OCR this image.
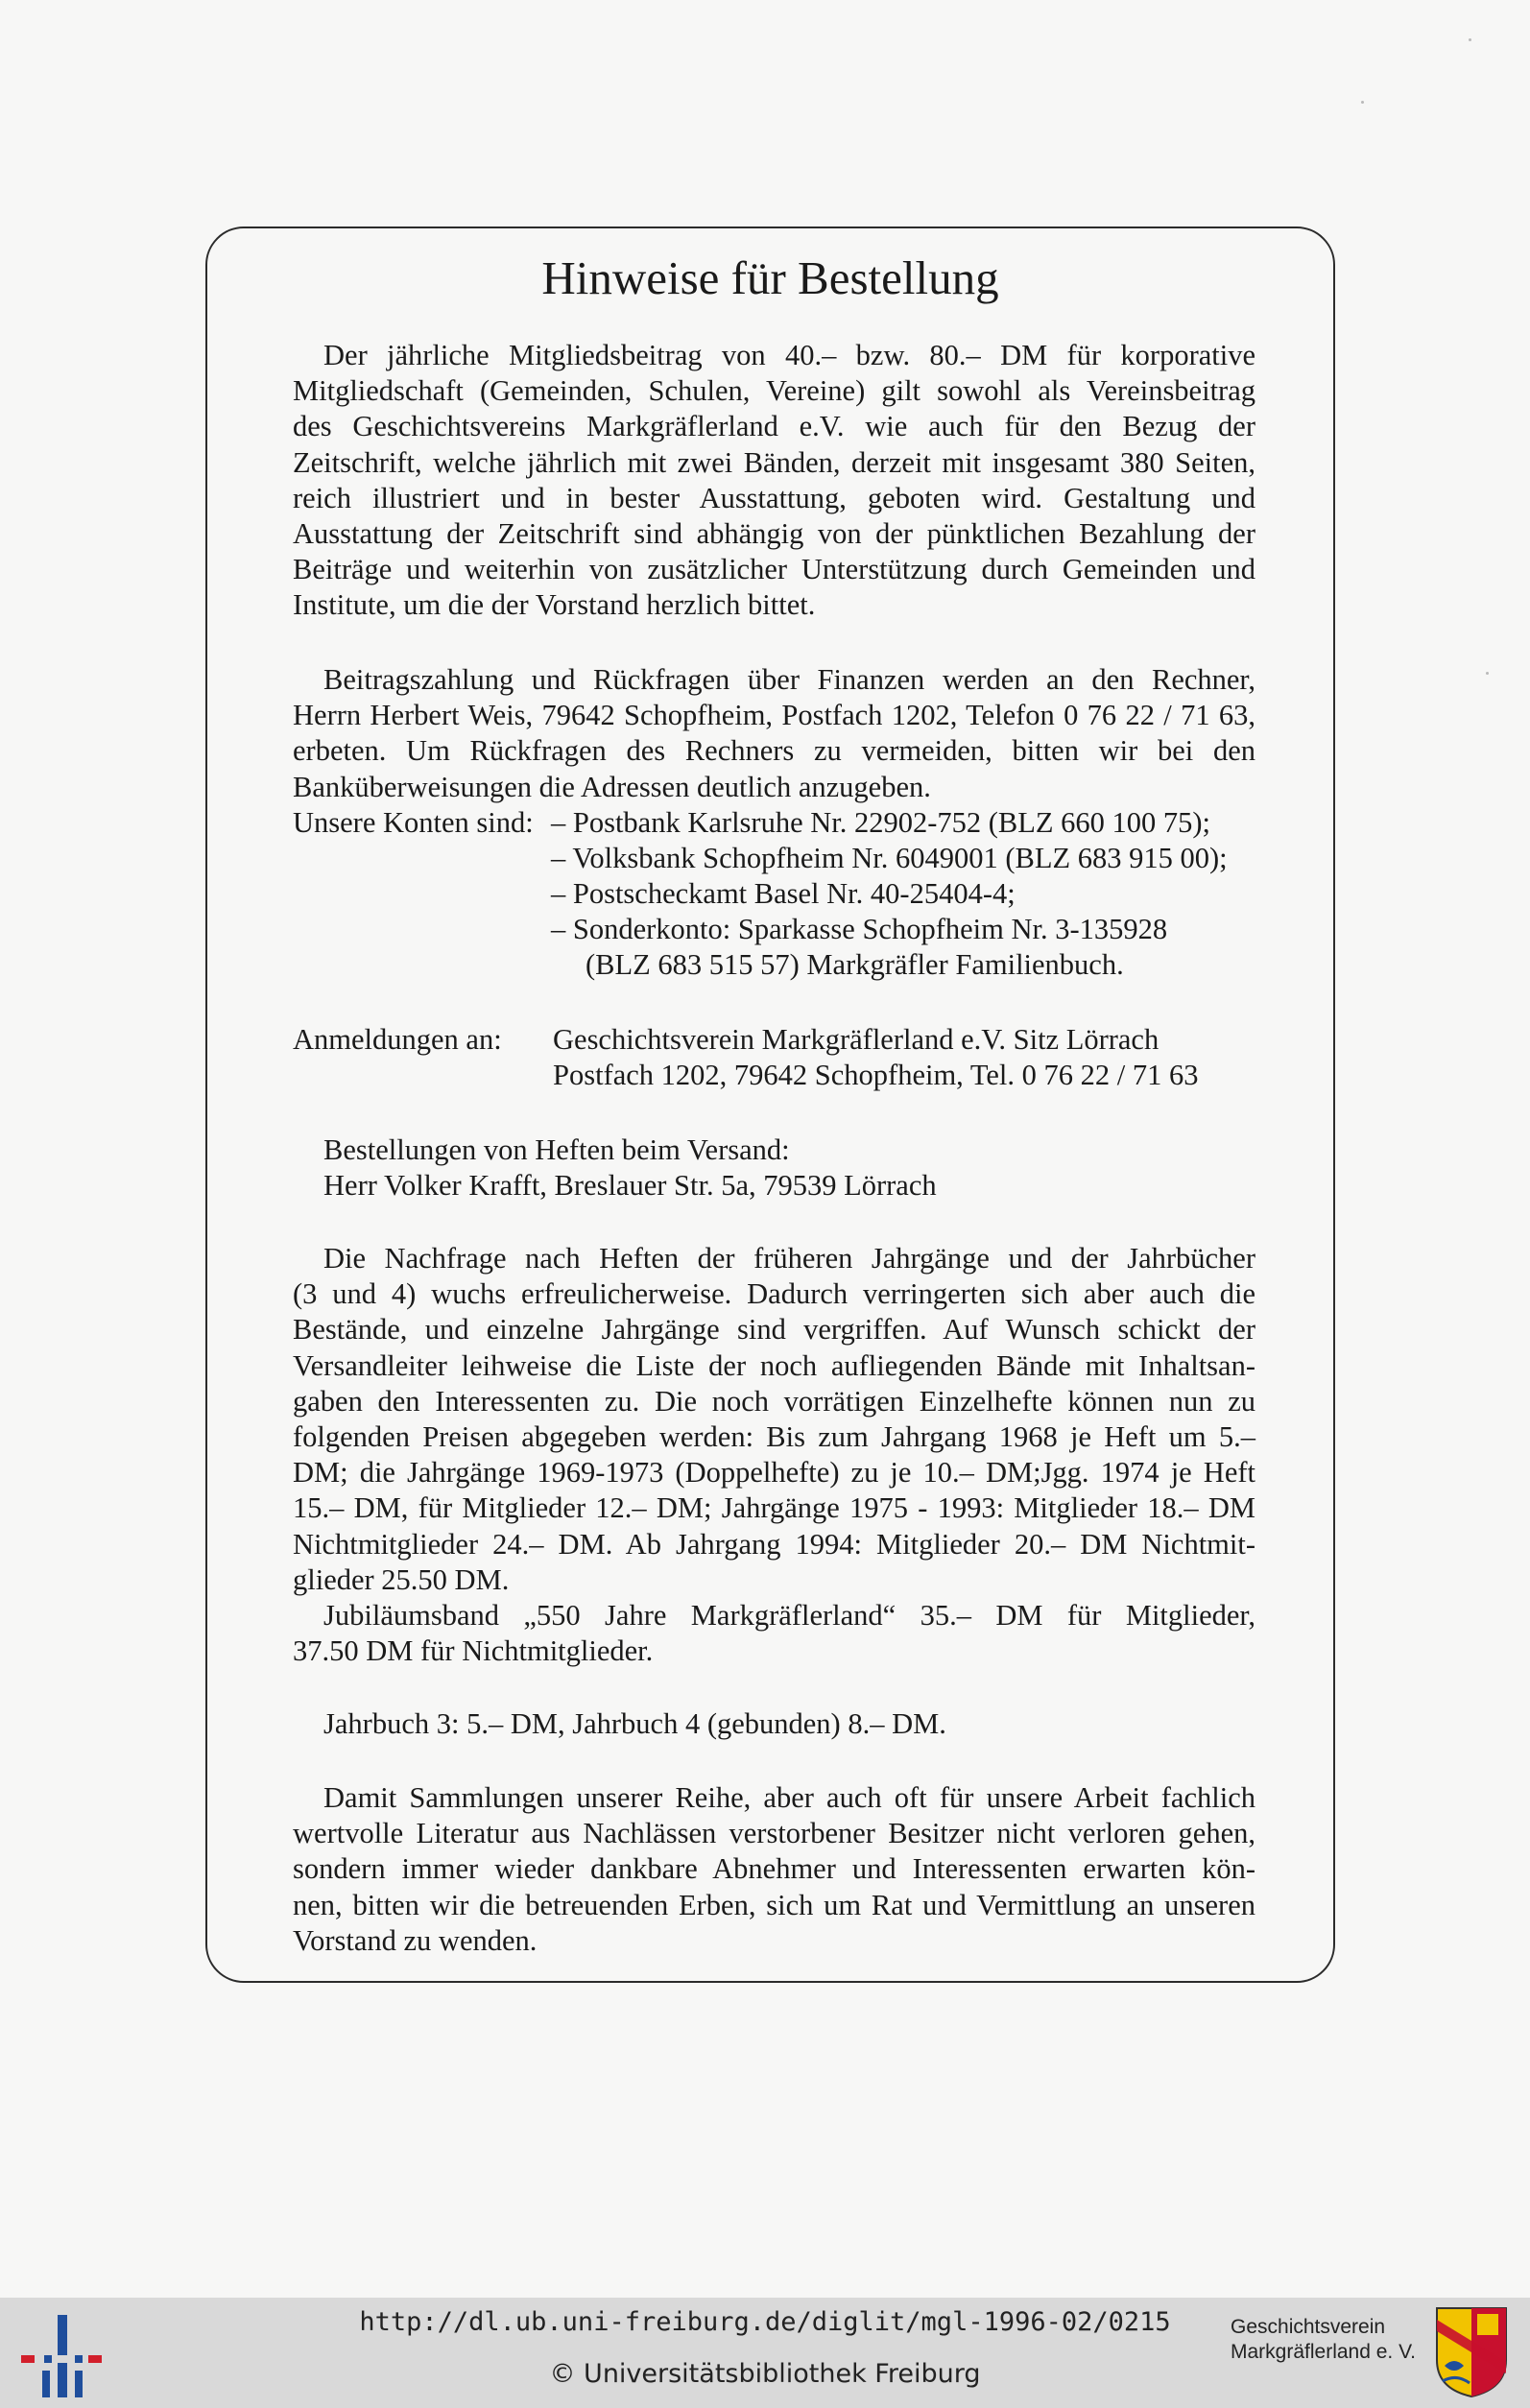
Hinweise für Bestellung
Der jährliche Mitgliedsbeitrag von 40.– bzw. 80.– DM für korporative
Mitgliedschaft (Gemeinden, Schulen, Vereine) gilt sowohl als Vereinsbeitrag
des Geschichtsvereins Markgräflerland e.V. wie auch für den Bezug der
Zeitschrift, welche jährlich mit zwei Bänden, derzeit mit insgesamt 380 Seiten,
reich illustriert und in bester Ausstattung, geboten wird. Gestaltung und
Ausstattung der Zeitschrift sind abhängig von der pünktlichen Bezahlung der
Beiträge und weiterhin von zusätzlicher Unterstützung durch Gemeinden und
Institute, um die der Vorstand herzlich bittet.
Beitragszahlung und Rückfragen über Finanzen werden an den Rechner,
Herrn Herbert Weis, 79642 Schopfheim, Postfach 1202, Telefon 0 76 22 / 71 63,
erbeten. Um Rückfragen des Rechners zu vermeiden, bitten wir bei den
Banküberweisungen die Adressen deutlich anzugeben.
Unsere Konten sind: – Postbank Karlsruhe Nr. 22902-752 (BLZ 660 100 75);
– Volksbank Schopfheim Nr. 6049001 (BLZ 683 915 00);
– Postscheckamt Basel Nr. 40-25404-4;
– Sonderkonto: Sparkasse Schopfheim Nr. 3-135928
(BLZ 683 515 57) Markgräfler Familienbuch.
Anmeldungen an: Geschichtsverein Markgräflerland e.V. Sitz Lörrach
Postfach 1202, 79642 Schopfheim, Tel. 0 76 22 / 71 63
Bestellungen von Heften beim Versand:
Herr Volker Krafft, Breslauer Str. 5a, 79539 Lörrach
Die Nachfrage nach Heften der früheren Jahrgänge und der Jahrbücher
(3 und 4) wuchs erfreulicherweise. Dadurch verringerten sich aber auch die
Bestände, und einzelne Jahrgänge sind vergriffen. Auf Wunsch schickt der
Versandleiter leihweise die Liste der noch aufliegenden Bände mit Inhaltsan-
gaben den Interessenten zu. Die noch vorrätigen Einzelhefte können nun zu
folgenden Preisen abgegeben werden: Bis zum Jahrgang 1968 je Heft um 5.–
DM; die Jahrgänge 1969-1973 (Doppelhefte) zu je 10.– DM;Jgg. 1974 je Heft
15.– DM, für Mitglieder 12.– DM; Jahrgänge 1975 - 1993: Mitglieder 18.– DM
Nichtmitglieder 24.– DM. Ab Jahrgang 1994: Mitglieder 20.– DM Nichtmit-
glieder 25.50 DM.
Jubiläumsband „550 Jahre Markgräflerland“ 35.– DM für Mitglieder,
37.50 DM für Nichtmitglieder.
Jahrbuch 3: 5.– DM, Jahrbuch 4 (gebunden) 8.– DM.
Damit Sammlungen unserer Reihe, aber auch oft für unsere Arbeit fachlich
wertvolle Literatur aus Nachlässen verstorbener Besitzer nicht verloren gehen,
sondern immer wieder dankbare Abnehmer und Interessenten erwarten kön-
nen, bitten wir die betreuenden Erben, sich um Rat und Vermittlung an unseren
Vorstand zu wenden.
http://dl.ub.uni-freiburg.de/diglit/mgl-1996-02/0215
© Universitätsbibliothek Freiburg
Geschichtsverein
Markgräflerland e. V.
